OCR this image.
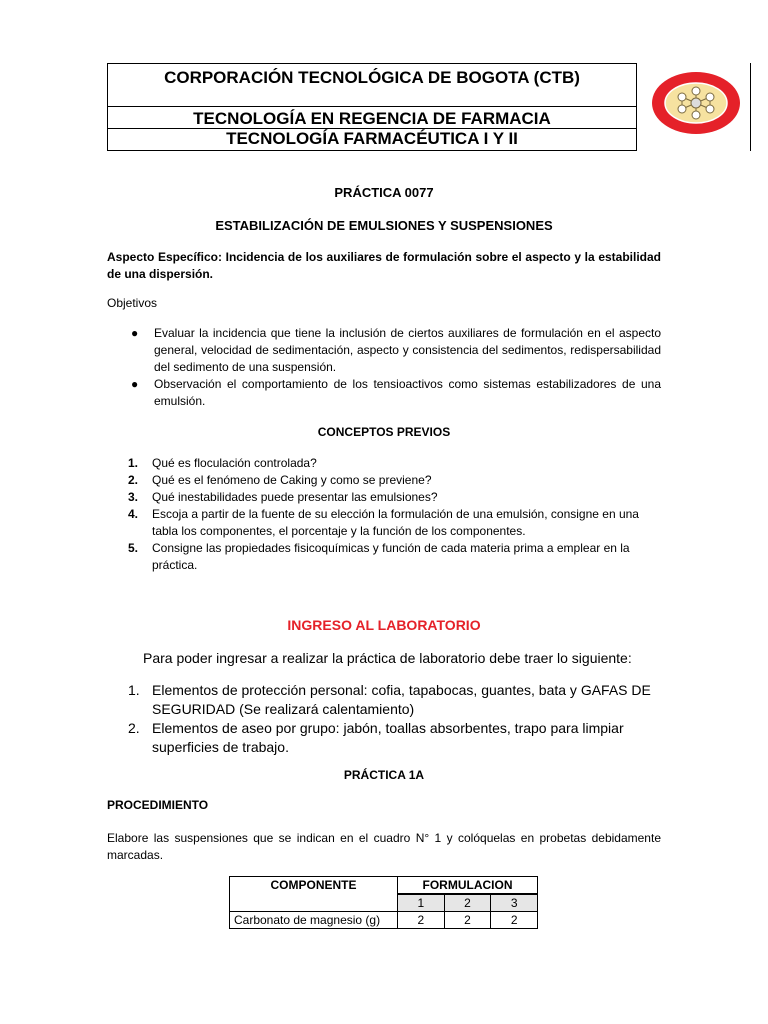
CORPORACIÓN TECNOLÓGICA DE BOGOTA (CTB)
TECNOLOGÍA EN REGENCIA DE FARMACIA
TECNOLOGÍA FARMACÉUTICA I Y II
PRÁCTICA 0077
ESTABILIZACIÓN DE EMULSIONES Y SUSPENSIONES
Aspecto Específico: Incidencia de los auxiliares de formulación sobre el aspecto y la estabilidad de una dispersión.
Objetivos
● Evaluar la incidencia que tiene la inclusión de ciertos auxiliares de formulación en el aspecto general, velocidad de sedimentación, aspecto y consistencia del sedimentos, redispersabilidad del sedimento de una suspensión.
● Observación el comportamiento de los tensioactivos como sistemas estabilizadores de una emulsión.
CONCEPTOS PREVIOS
1. Qué es floculación controlada?
2. Qué es el fenómeno de Caking y como se previene?
3. Qué inestabilidades puede presentar las emulsiones?
4. Escoja a partir de la fuente de su elección la formulación de una emulsión, consigne en una tabla los componentes, el porcentaje y la función de los componentes.
5. Consigne las propiedades fisicoquímicas y función de cada materia prima a emplear en la práctica.
INGRESO AL LABORATORIO
Para poder ingresar a realizar la práctica de laboratorio debe traer lo siguiente:
1. Elementos de protección personal: cofia, tapabocas, guantes, bata y GAFAS DE SEGURIDAD (Se realizará calentamiento)
2. Elementos de aseo por grupo: jabón, toallas absorbentes, trapo para limpiar superficies de trabajo.
PRÁCTICA 1A
PROCEDIMIENTO
Elabore las suspensiones que se indican en el cuadro N° 1 y colóquelas en probetas debidamente marcadas.
COMPONENTE	FORMULACION		
	1	2	3
Carbonato de magnesio (g)	2	2	2
